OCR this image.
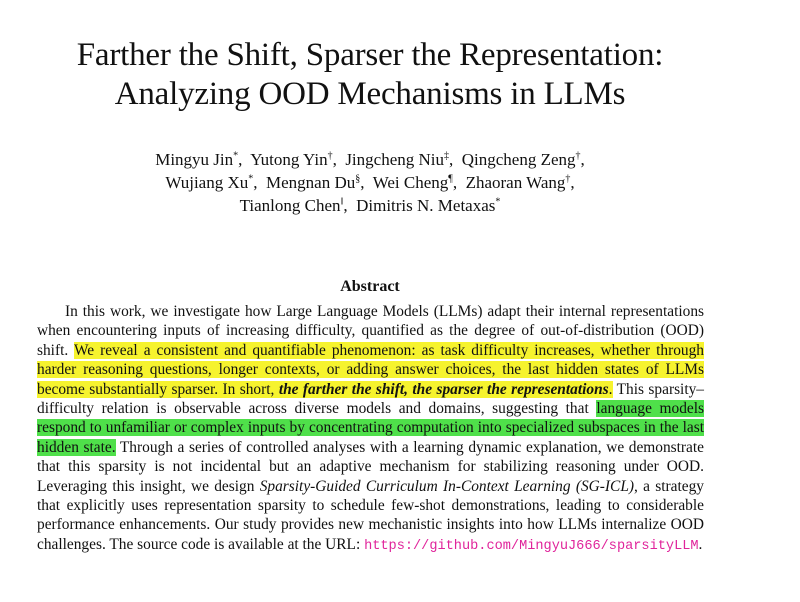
Farther the Shift, Sparser the Representation:
Analyzing OOD Mechanisms in LLMs
Mingyu Jin*,  Yutong Yin†,  Jingcheng Niu‡,  Qingcheng Zeng†,
Wujiang Xu*,  Mengnan Du§,  Wei Cheng¶,  Zhaoran Wang†,
Tianlong Chen‖,  Dimitris N. Metaxas*
Abstract

In this work, we investigate how Large Language Models (LLMs) adapt their internal representations when encountering inputs of increasing difficulty, quantified as the degree of out-of-distribution (OOD) shift. We reveal a consistent and quantifiable phenomenon: as task difficulty increases, whether through harder reasoning questions, longer contexts, or adding answer choices, the last hidden states of LLMs become substantially sparser. In short, the farther the shift, the sparser the representations. This sparsity–difficulty relation is observable across diverse models and domains, suggesting that language models respond to unfamiliar or complex inputs by concentrating computation into specialized subspaces in the last hidden state. Through a series of controlled analyses with a learning dynamic explanation, we demonstrate that this sparsity is not incidental but an adaptive mechanism for stabilizing reasoning under OOD. Leveraging this insight, we design Sparsity-Guided Curriculum In-Context Learning (SG-ICL), a strategy that explicitly uses representation sparsity to schedule few-shot demonstrations, leading to considerable performance enhancements. Our study provides new mechanistic insights into how LLMs internalize OOD challenges. The source code is available at the URL: https://github.com/MingyuJ666/sparsityLLM.
